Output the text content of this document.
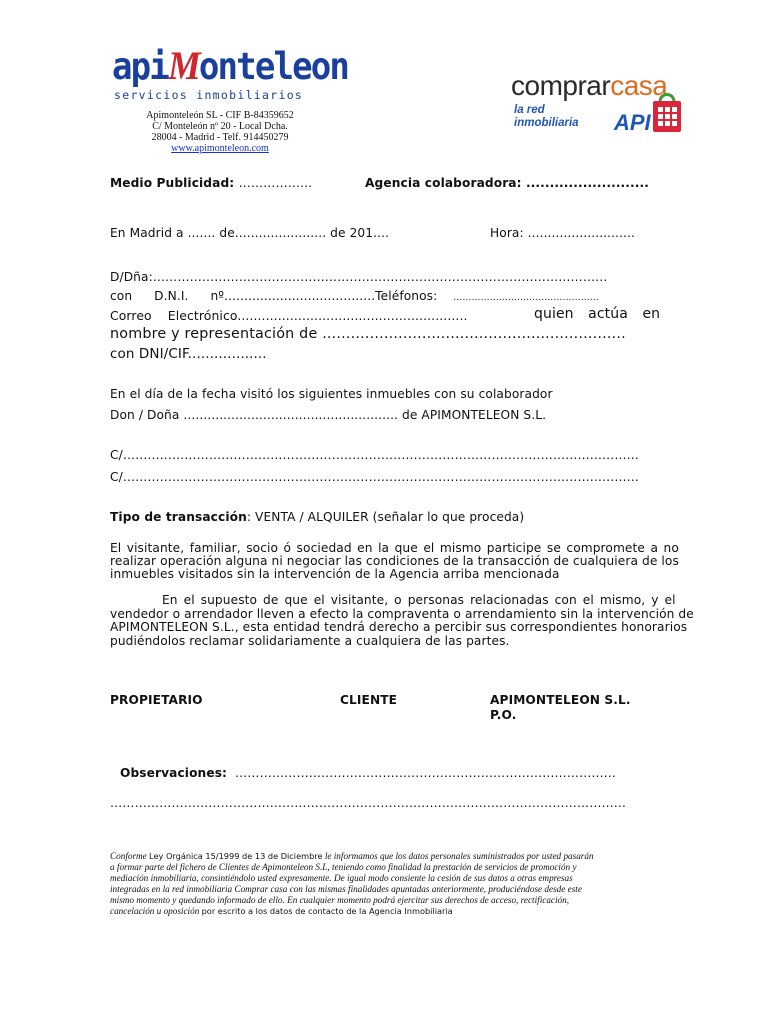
apiMonteleon
servicios inmobiliarios
Apimonteleón SL - CIF B-84359652
C/ Monteleón nº 20 - Local Dcha.
28004 - Madrid - Telf. 914450279
www.apimonteleon.com
comprarcasa
la red
inmobiliaria API
Medio Publicidad: ………………	Agencia colaboradora: ..........................
En Madrid a ....... de....................... de 201....	Hora: ...........................
D/Dña:…………………………………………………………………………………………………
con D.N.I. nº......................................Teléfonos: …………………………………………
Correo Electrónico.........................................................	quien actúa en
nombre y representación de ................................................................
con DNI/CIF..................
En el día de la fecha visitó los siguientes inmuebles con su colaborador
Don / Doña ...................................................... de APIMONTELEON S.L.
C/………………………………………………………………………………………………………………
C/………………………………………………………………………………………………………………
Tipo de transacción: VENTA / ALQUILER (señalar lo que proceda)
El visitante, familiar, socio ó sociedad en la que el mismo participe se compromete a no
realizar operación alguna ni negociar las condiciones de la transacción de cualquiera de los
inmuebles visitados sin la intervención de la Agencia arriba mencionada
En el supuesto de que el visitante, o personas relacionadas con el mismo, y el
vendedor o arrendador lleven a efecto la compraventa o arrendamiento sin la intervención de
APIMONTELEON S.L., esta entidad tendrá derecho a percibir sus correspondientes honorarios
pudiéndolos reclamar solidariamente a cualquiera de las partes.
PROPIETARIO	CLIENTE	APIMONTELEON S.L.
P.O.
Observaciones: …………………………………………………………………………………
………………………………………………………………………………………………………………
Conforme Ley Orgánica 15/1999 de 13 de Diciembre le informamos que los datos personales suministrados por usted pasarán
a formar parte del fichero de Clientes de Apimonteleon S.L, teniendo como finalidad la prestación de servicios de promoción y
mediación inmobiliaria, consintiéndolo usted expresamente. De igual modo consiente la cesión de sus datos a otras empresas
integradas en la red inmobiliaria Comprar casa con las mismas finalidades apuntadas anteriormente, produciéndose desde este
mismo momento y quedando informado de ello. En cualquier momento podrá ejercitar sus derechos de acceso, rectificación,
cancelación u oposición por escrito a los datos de contacto de la Agencia Inmobiliaria
